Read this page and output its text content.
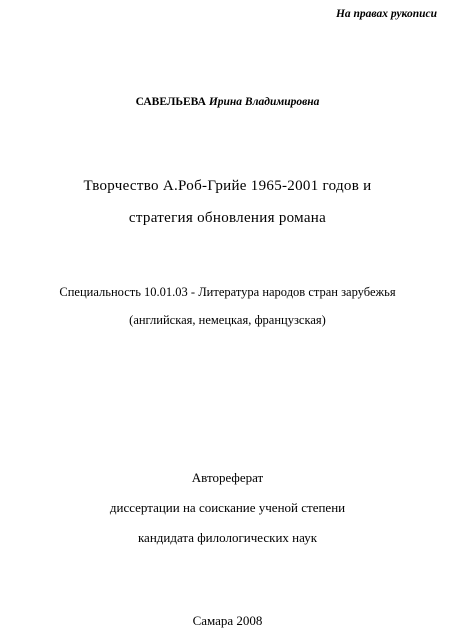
На правах рукописи
САВЕЛЬЕВА Ирина Владимировна
Творчество А.Роб-Грийе 1965-2001 годов и
стратегия обновления романа
Специальность 10.01.03 - Литература народов стран зарубежья
(английская, немецкая, французская)
Автореферат
диссертации на соискание ученой степени
кандидата филологических наук
Самара 2008
